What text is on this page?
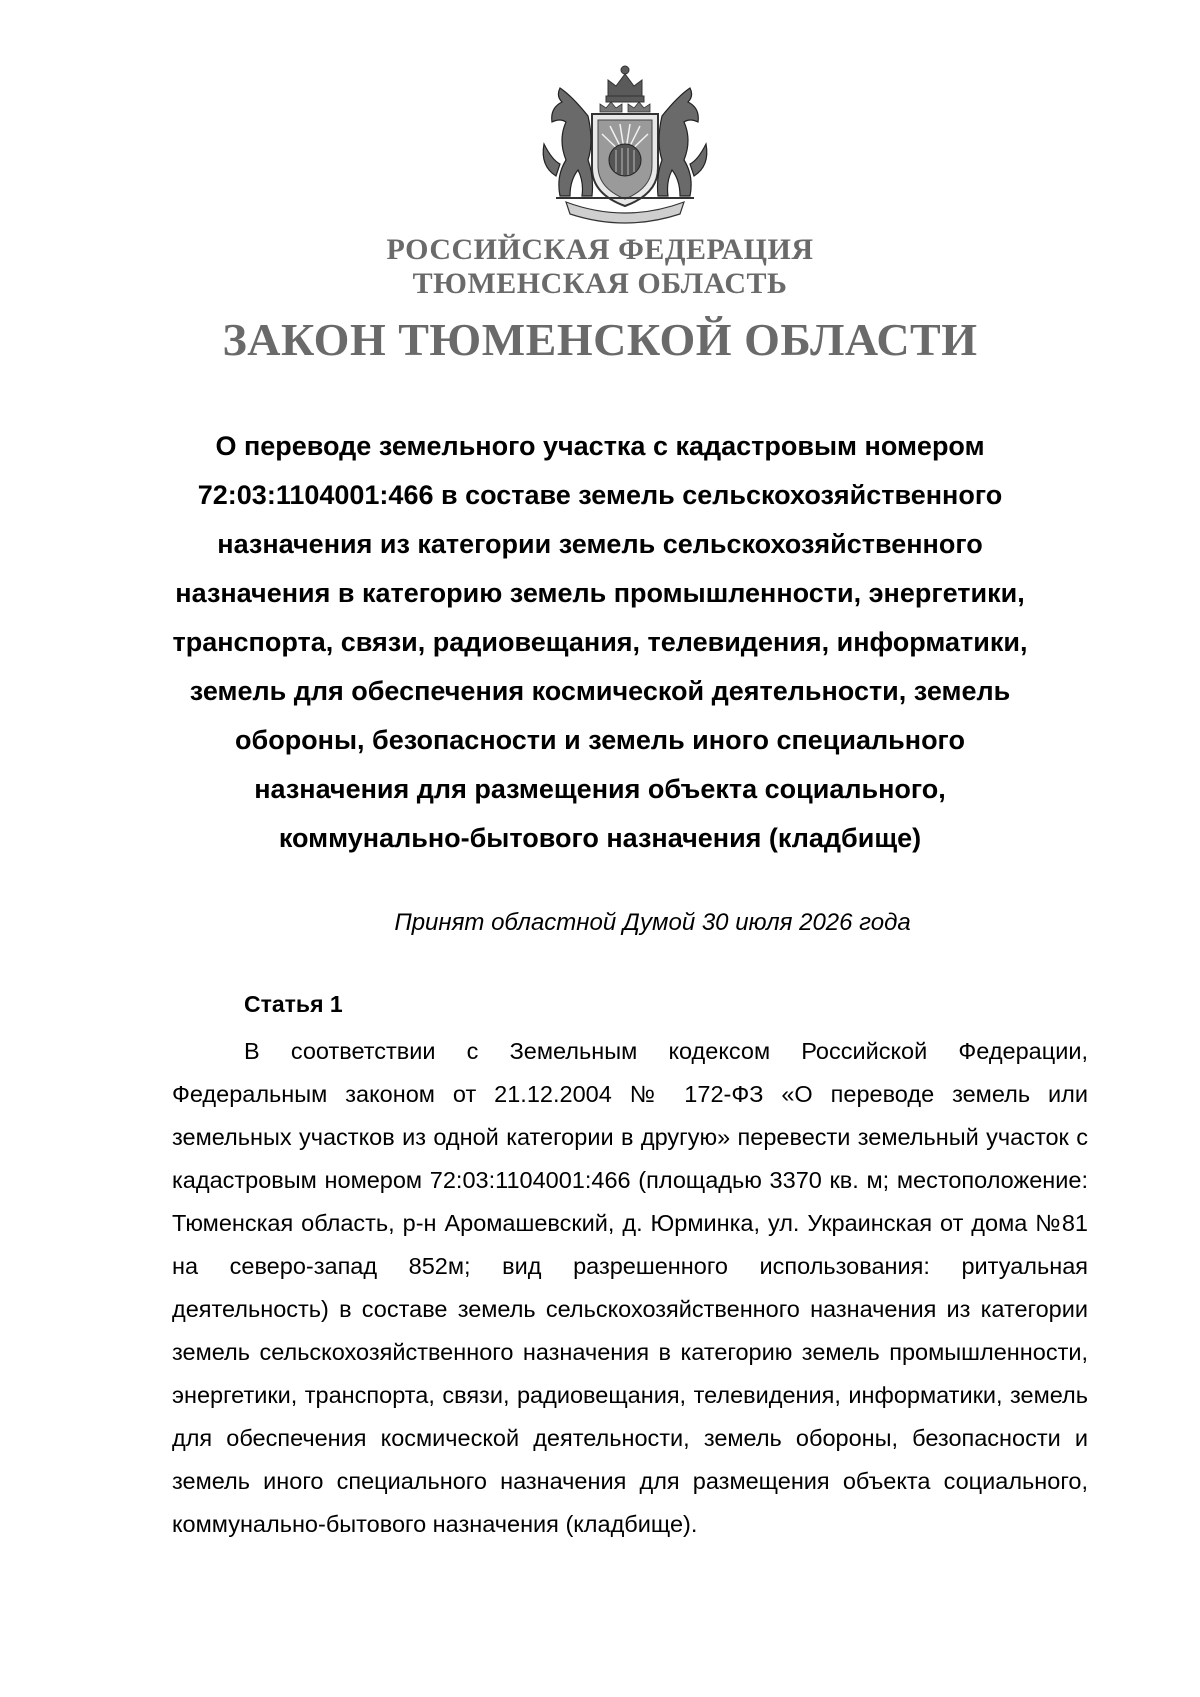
РОССИЙСКАЯ ФЕДЕРАЦИЯ
ТЮМЕНСКАЯ ОБЛАСТЬ
ЗАКОН ТЮМЕНСКОЙ ОБЛАСТИ
О переводе земельного участка с кадастровым номером
72:03:1104001:466 в составе земель сельскохозяйственного
назначения из категории земель сельскохозяйственного
назначения в категорию земель промышленности, энергетики,
транспорта, связи, радиовещания, телевидения, информатики,
земель для обеспечения космической деятельности, земель
обороны, безопасности и земель иного специального
назначения для размещения объекта социального,
коммунально-бытового назначения (кладбище)
Принят областной Думой 30 июля 2026 года
Статья 1

В соответствии с Земельным кодексом Российской Федерации, Федеральным законом от 21.12.2004 № 172-ФЗ «О переводе земель или земельных участков из одной категории в другую» перевести земельный участок с кадастровым номером 72:03:1104001:466 (площадью 3370 кв. м; местоположение: Тюменская область, р-н Аромашевский, д. Юрминка, ул. Украинская от дома №81 на северо-запад 852м; вид разрешенного использования: ритуальная деятельность) в составе земель сельскохозяйственного назначения из категории земель сельскохозяйственного назначения в категорию земель промышленности, энергетики, транспорта, связи, радиовещания, телевидения, информатики, земель для обеспечения космической деятельности, земель обороны, безопасности и земель иного специального назначения для размещения объекта социального, коммунально-бытового назначения (кладбище).
